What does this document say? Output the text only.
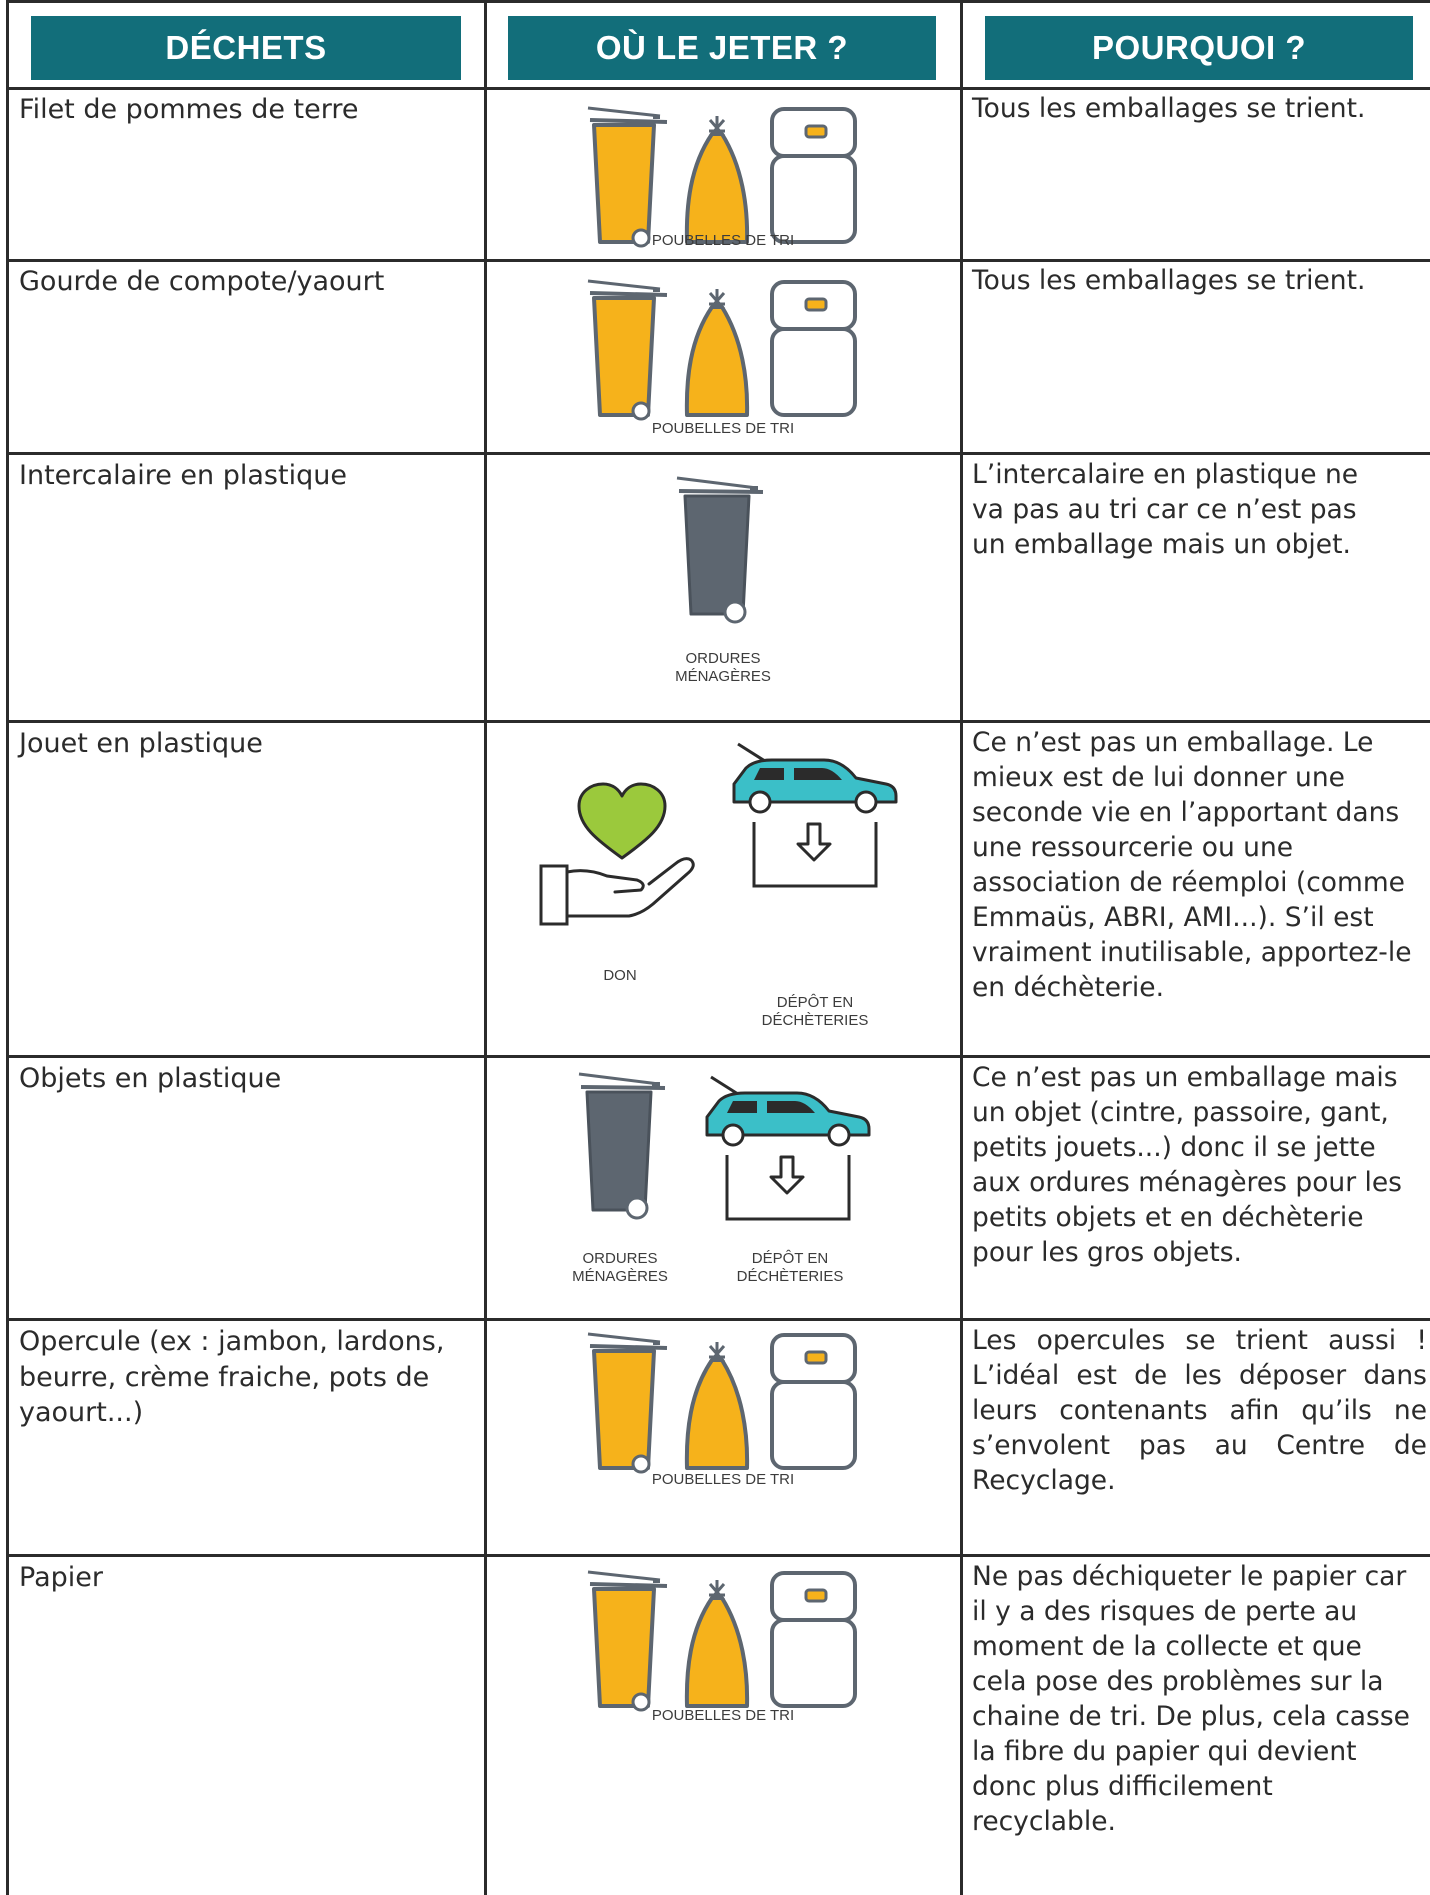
DÉCHETS	OÙ LE JETER ?	POURQUOI ?
Filet de pommes de terre
POUBELLES DE TRI
Tous les emballages se trient.
Gourde de compote/yaourt
POUBELLES DE TRI
Tous les emballages se trient.
Intercalaire en plastique
ORDURES
MÉNAGÈRES
L’intercalaire en plastique ne va pas au tri car ce n’est pas un emballage mais un objet.
Jouet en plastique
DON
DÉPÔT EN
DÉCHÈTERIES
Ce n’est pas un emballage. Le mieux est de lui donner une seconde vie en l’apportant dans une ressourcerie ou une association de réemploi (comme Emmaüs, ABRI, AMI...). S’il est vraiment inutilisable, apportez-le en déchèterie.
Objets en plastique
ORDURES
MÉNAGÈRES
DÉPÔT EN
DÉCHÈTERIES
Ce n’est pas un emballage mais un objet (cintre, passoire, gant, petits jouets...) donc il se jette aux ordures ménagères pour les petits objets et en déchèterie pour les gros objets.
Opercule (ex : jambon, lardons, beurre, crème fraiche, pots de yaourt...)
POUBELLES DE TRI
Les opercules se trient aussi ! L’idéal est de les déposer dans leurs contenants afin qu’ils ne s’envolent pas au Centre de Recyclage.
Papier
POUBELLES DE TRI
Ne pas déchiqueter le papier car il y a des risques de perte au moment de la collecte et que cela pose des problèmes sur la chaine de tri. De plus, cela casse la fibre du papier qui devient donc plus difficilement recyclable.
